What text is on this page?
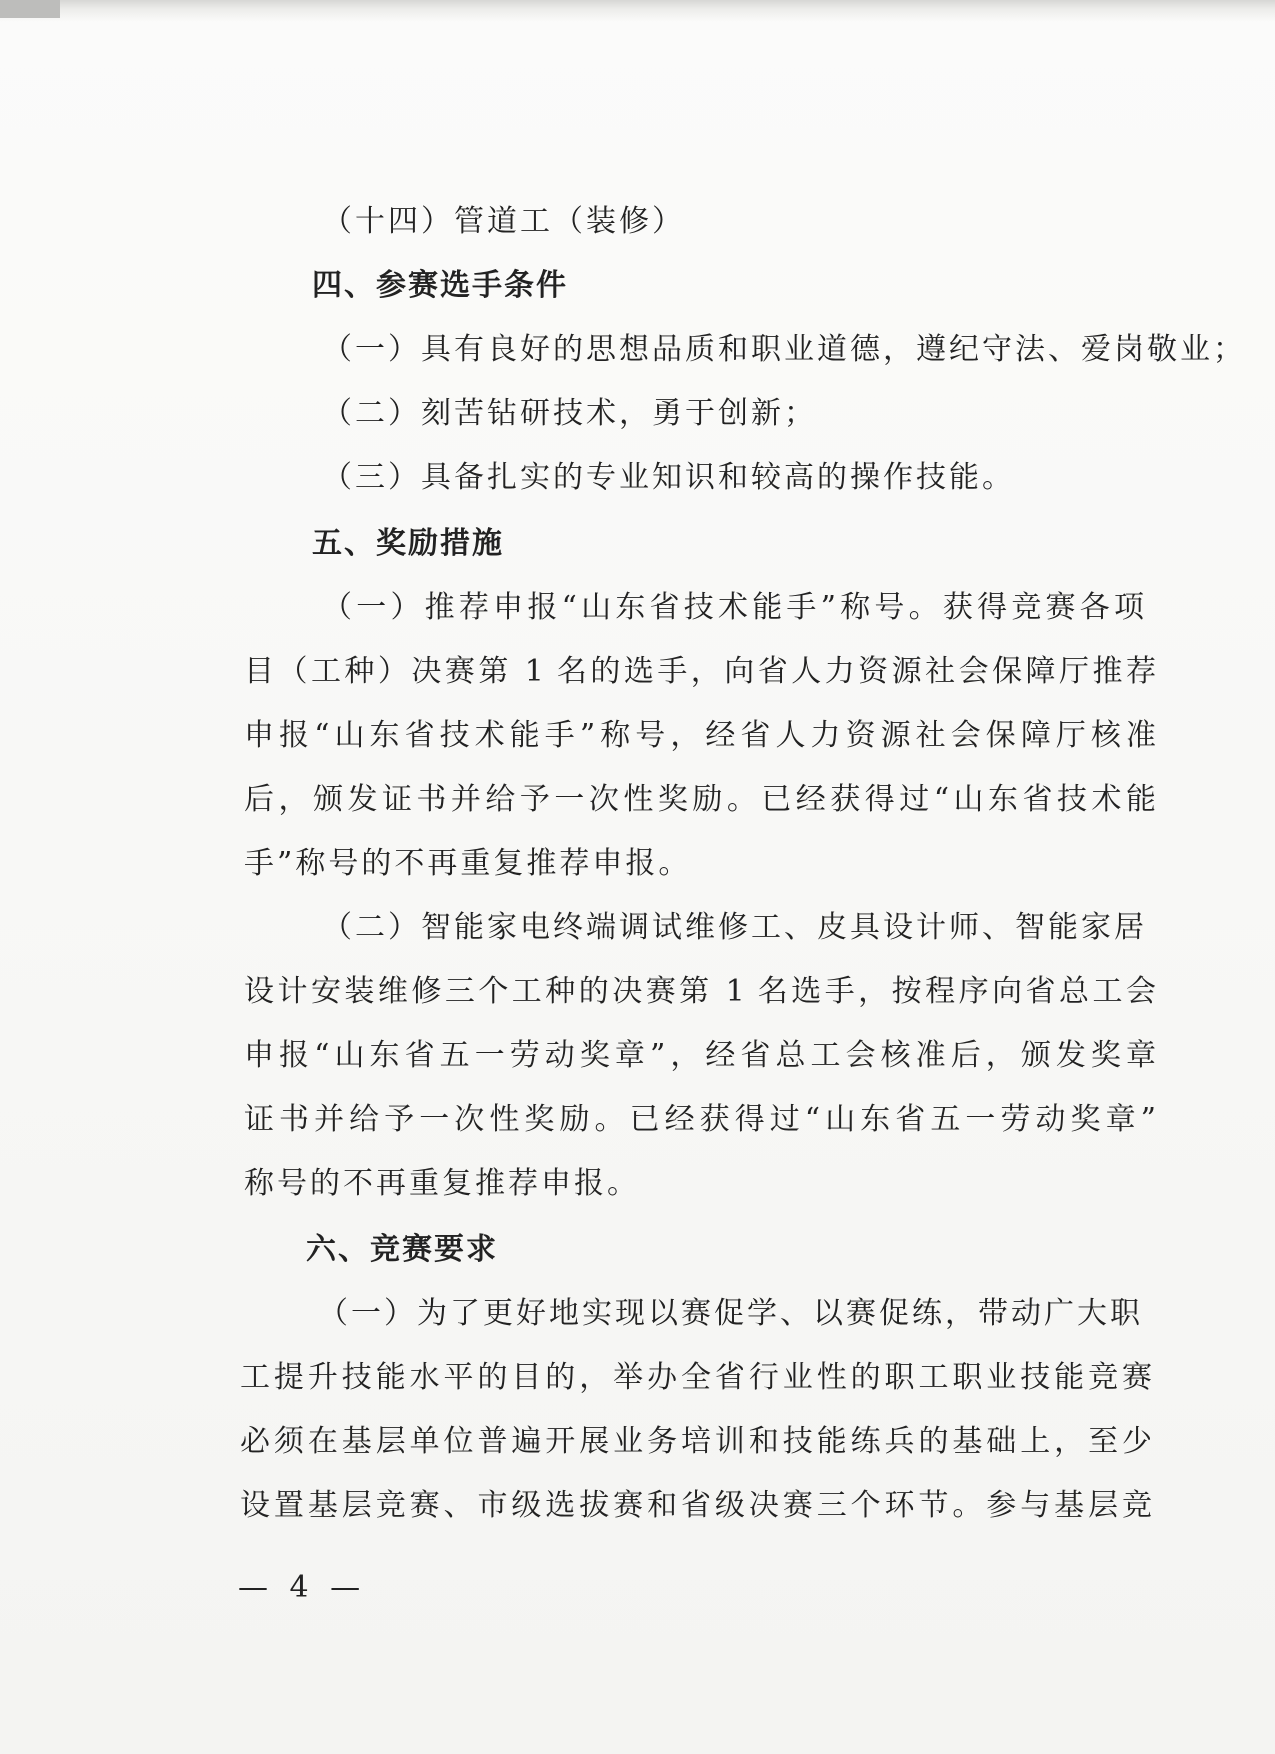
（十四）管道工（装修）
四、参赛选手条件
（一）具有良好的思想品质和职业道德，遵纪守法、爱岗敬业；
（二）刻苦钻研技术，勇于创新；
（三）具备扎实的专业知识和较高的操作技能。
五、奖励措施
（一）推荐申报“山东省技术能手”称号。获得竞赛各项
目（工种）决赛第 1 名的选手，向省人力资源社会保障厅推荐
申报“山东省技术能手”称号，经省人力资源社会保障厅核准
后，颁发证书并给予一次性奖励。已经获得过“山东省技术能
手”称号的不再重复推荐申报。
（二）智能家电终端调试维修工、皮具设计师、智能家居
设计安装维修三个工种的决赛第 1 名选手，按程序向省总工会
申报“山东省五一劳动奖章”，经省总工会核准后，颁发奖章
证书并给予一次性奖励。已经获得过“山东省五一劳动奖章”
称号的不再重复推荐申报。
六、竞赛要求
（一）为了更好地实现以赛促学、以赛促练，带动广大职
工提升技能水平的目的，举办全省行业性的职工职业技能竞赛
必须在基层单位普遍开展业务培训和技能练兵的基础上，至少
设置基层竞赛、市级选拔赛和省级决赛三个环节。参与基层竞
— 4 —
